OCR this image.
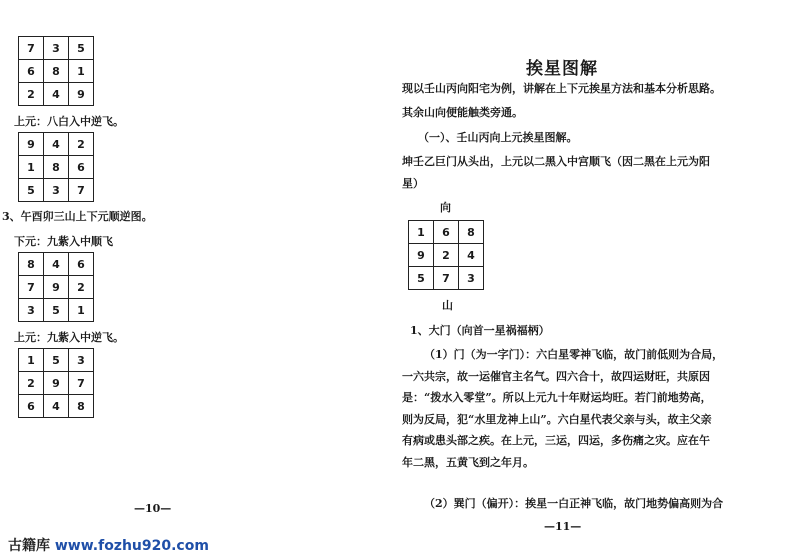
7	3	5
6	8	1
2	4	9
上元：八白入中逆飞。
9	4	2
1	8	6
5	3	7
3、午酉卯三山上下元顺逆图。
下元：九紫入中顺飞
8	4	6
7	9	2
3	5	1
上元：九紫入中逆飞。
1	5	3
2	9	7
6	4	8
—10—
挨星图解
现以壬山丙向阳宅为例，讲解在上下元挨星方法和基本分析思路。
其余山向便能触类旁通。
（一）、壬山丙向上元挨星图解。
坤壬乙巨门从头出，上元以二黑入中宫顺飞（因二黑在上元为阳
星）
向
1	6	8
9	2	4
5	7	3
山
1、大门（向首一星祸福柄）
（1）门（为一字门）：六白星零神飞临，故门前低则为合局，
一六共宗，故一运催官主名气。四六合十，故四运财旺，共原因
是：“拨水入零堂”。所以上元九十年财运均旺。若门前地势高，
则为反局，犯“水里龙神上山”。六白星代表父亲与头，故主父亲
有病或患头部之疾。在上元，三运，四运，多伤痛之灾。应在午
年二黑，五黄飞到之年月。
（2）巽门（偏开）：挨星一白正神飞临，故门地势偏高则为合
—11—
古籍库 www.fozhu920.com
